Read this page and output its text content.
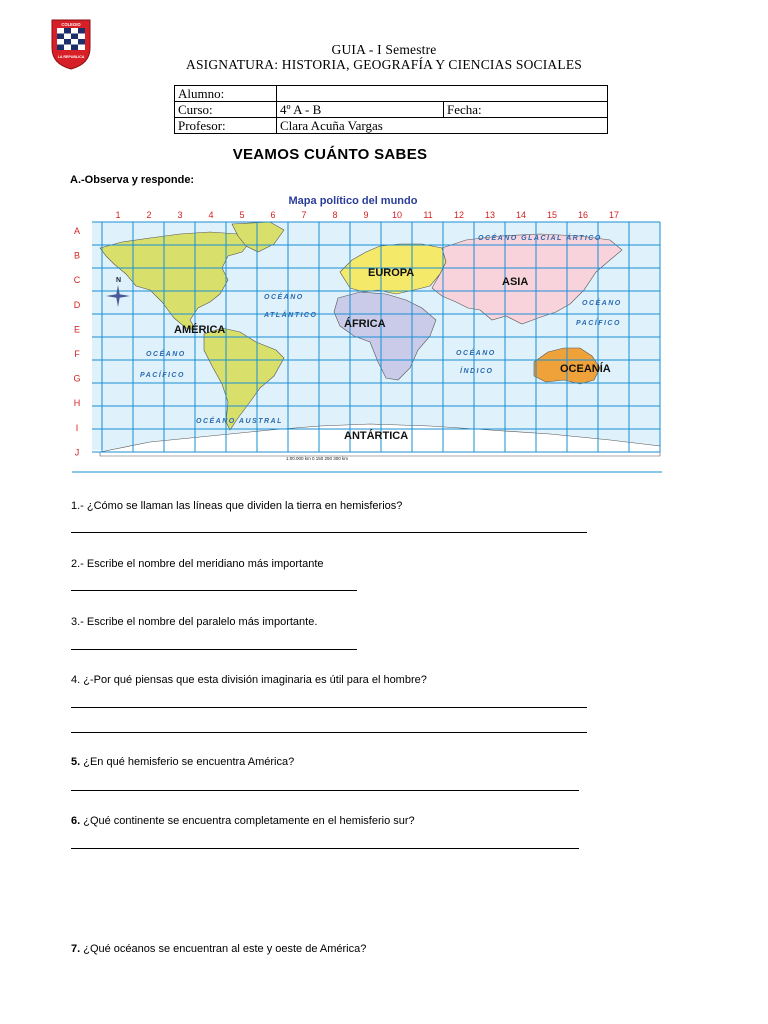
COLEGIO
LA REPUBLICA	GUIA - I Semestre
ASIGNATURA: HISTORIA, GEOGRAFÍA Y CIENCIAS SOCIALES
Alumno:			
Curso:	4º A - B	Fecha:	
Profesor:	Clara Acuña Vargas		
VEAMOS CUÁNTO SABES
A.-Observa y responde:
Mapa político del mundo
1	2	3	4	5	6	7	8	9	10 11 12 13 14 15 16 17
A
B
C
D
E
F
G
H
I
J
N
AMÉRICA
EUROPA
ASIA
ÁFRICA
OCEANÍA
ANTÁRTICA
OCÉANO GLACIAL ÁRTICO
OCÉANO
ATLÁNTICO
OCÉANO
PACÍFICO
OCÉANO
PACÍFICO
OCÉANO
ÍNDICO
OCÉANO AUSTRAL
1:00.000 km 0 150 250 300 km
1.- ¿Cómo se llaman las líneas que dividen la tierra en hemisferios?
2.- Escribe el nombre del meridiano más importante
3.- Escribe el nombre del paralelo más importante.
4. ¿-Por qué piensas que esta división imaginaria es útil para el hombre?
5. ¿En qué hemisferio se encuentra América?
6. ¿Qué continente se encuentra completamente en el hemisferio sur?
7. ¿Qué océanos se encuentran al este y oeste de América?
